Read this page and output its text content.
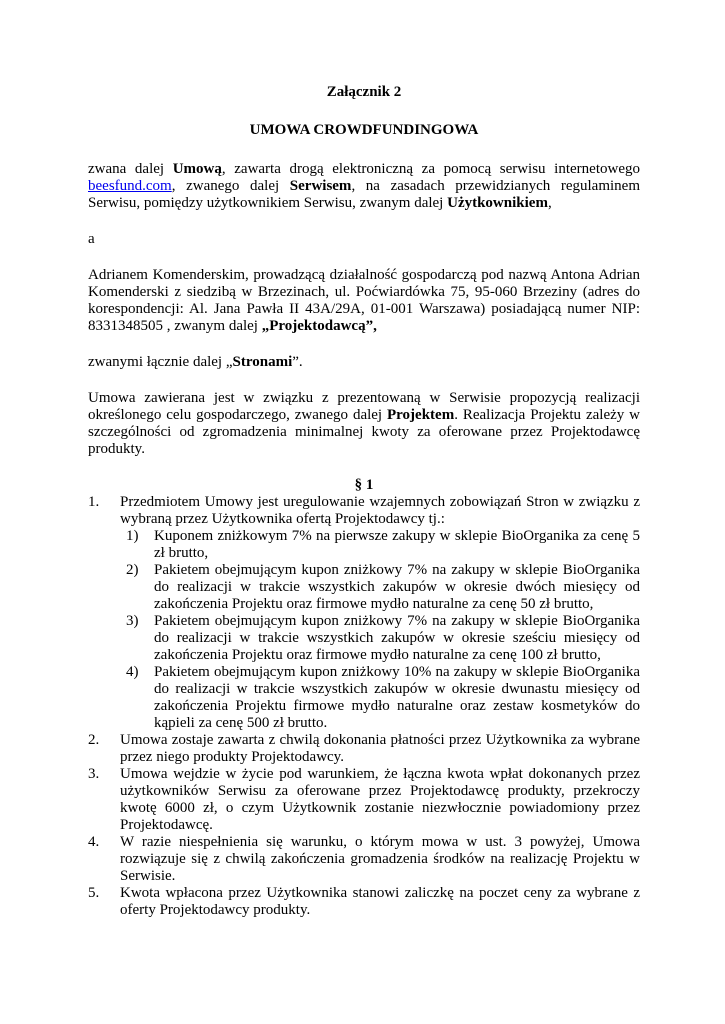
Załącznik 2
UMOWA CROWDFUNDINGOWA

zwana dalej Umową, zawarta drogą elektroniczną za pomocą serwisu internetowego beesfund.com, zwanego dalej Serwisem, na zasadach przewidzianych regulaminem Serwisu, pomiędzy użytkownikiem Serwisu, zwanym dalej Użytkownikiem,

a

Adrianem Komenderskim, prowadzącą działalność gospodarczą pod nazwą Antona Adrian Komenderski z siedzibą w Brzezinach, ul. Poćwiardówka 75, 95-060 Brzeziny (adres do korespondencji: Al. Jana Pawła II 43A/29A, 01-001 Warszawa) posiadającą numer NIP: 8331348505 , zwanym dalej „Projektodawcą”,

zwanymi łącznie dalej „Stronami”.

Umowa zawierana jest w związku z prezentowaną w Serwisie propozycją realizacji określonego celu gospodarczego, zwanego dalej Projektem. Realizacja Projektu zależy w szczególności od zgromadzenia minimalnej kwoty za oferowane przez Projektodawcę produkty.

§ 1
1. Przedmiotem Umowy jest uregulowanie wzajemnych zobowiązań Stron w związku z wybraną przez Użytkownika ofertą Projektodawcy tj.:
1) Kuponem zniżkowym 7% na pierwsze zakupy w sklepie BioOrganika za cenę 5 zł brutto,
2) Pakietem obejmującym kupon zniżkowy 7% na zakupy w sklepie BioOrganika do realizacji w trakcie wszystkich zakupów w okresie dwóch miesięcy od zakończenia Projektu oraz firmowe mydło naturalne za cenę 50 zł brutto,
3) Pakietem obejmującym kupon zniżkowy 7% na zakupy w sklepie BioOrganika do realizacji w trakcie wszystkich zakupów w okresie sześciu miesięcy od zakończenia Projektu oraz firmowe mydło naturalne za cenę 100 zł brutto,
4) Pakietem obejmującym kupon zniżkowy 10% na zakupy w sklepie BioOrganika do realizacji w trakcie wszystkich zakupów w okresie dwunastu miesięcy od zakończenia Projektu firmowe mydło naturalne oraz zestaw kosmetyków do kąpieli za cenę 500 zł brutto.
2. Umowa zostaje zawarta z chwilą dokonania płatności przez Użytkownika za wybrane przez niego produkty Projektodawcy.
3. Umowa wejdzie w życie pod warunkiem, że łączna kwota wpłat dokonanych przez użytkowników Serwisu za oferowane przez Projektodawcę produkty, przekroczy kwotę 6000 zł, o czym Użytkownik zostanie niezwłocznie powiadomiony przez Projektodawcę.
4. W razie niespełnienia się warunku, o którym mowa w ust. 3 powyżej, Umowa rozwiązuje się z chwilą zakończenia gromadzenia środków na realizację Projektu w Serwisie.
5. Kwota wpłacona przez Użytkownika stanowi zaliczkę na poczet ceny za wybrane z oferty Projektodawcy produkty.
